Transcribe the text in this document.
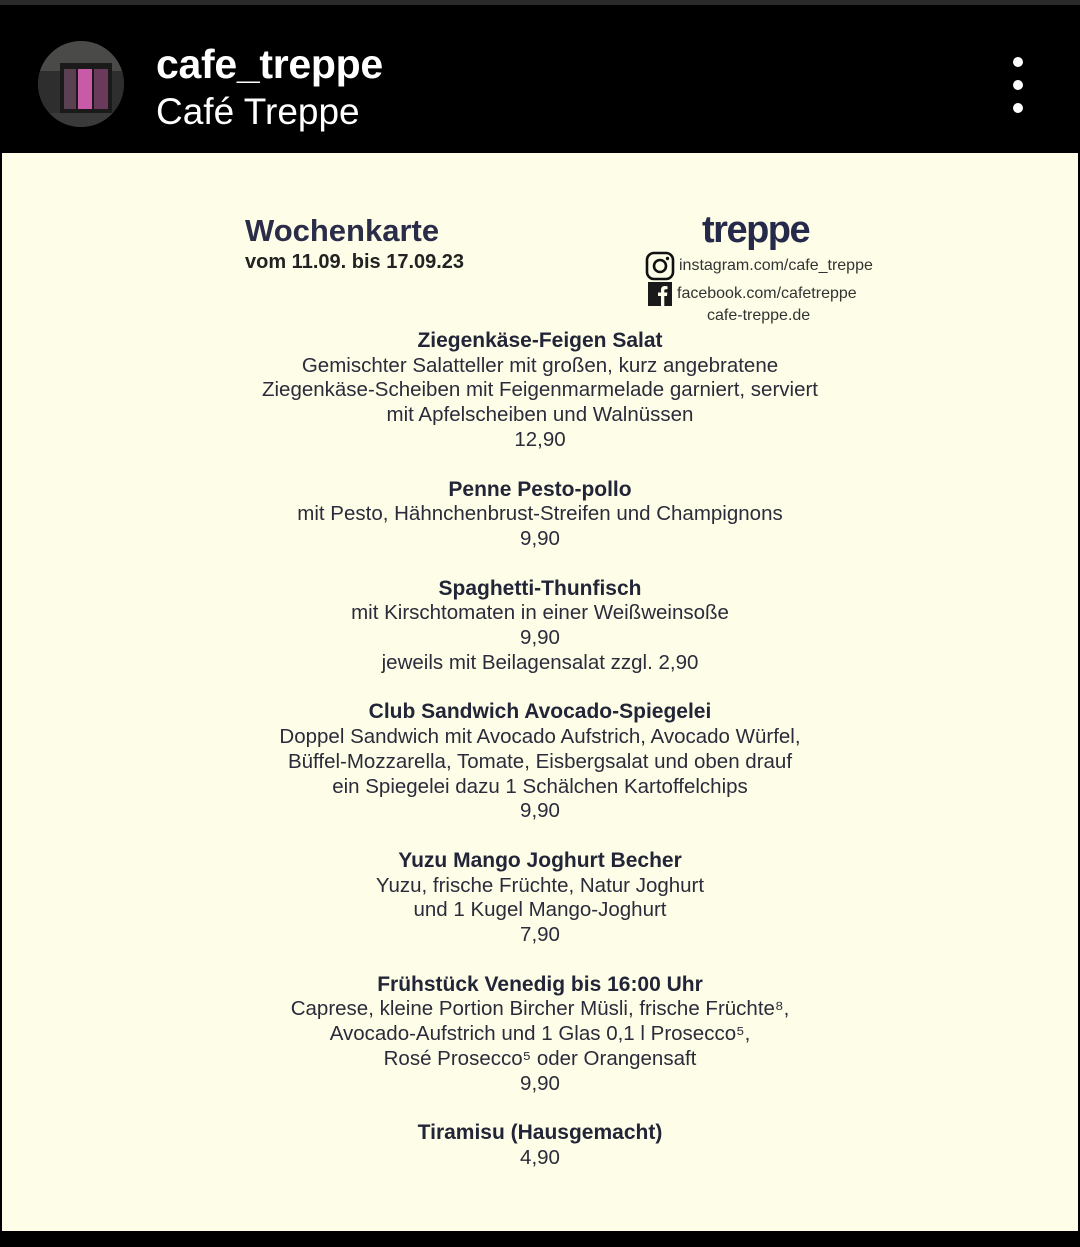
cafe_treppe
Café Treppe
Wochenkarte
vom 11.09. bis 17.09.23
treppe
instagram.com/cafe_treppe
facebook.com/cafetreppe
cafe-treppe.de
Ziegenkäse-Feigen Salat
Gemischter Salatteller mit großen, kurz angebratene
Ziegenkäse-Scheiben mit Feigenmarmelade garniert, serviert
mit Apfelscheiben und Walnüssen
12,90
Penne Pesto-pollo
mit Pesto, Hähnchenbrust-Streifen und Champignons
9,90
Spaghetti-Thunfisch
mit Kirschtomaten in einer Weißweinsoße
9,90
jeweils mit Beilagensalat zzgl. 2,90
Club Sandwich Avocado-Spiegelei
Doppel Sandwich mit Avocado Aufstrich, Avocado Würfel,
Büffel-Mozzarella, Tomate, Eisbergsalat und oben drauf
ein Spiegelei dazu 1 Schälchen Kartoffelchips
9,90
Yuzu Mango Joghurt Becher
Yuzu, frische Früchte, Natur Joghurt
und 1 Kugel Mango-Joghurt
7,90
Frühstück Venedig bis 16:00 Uhr
Caprese, kleine Portion Bircher Müsli, frische Früchte⁸,
Avocado-Aufstrich und 1 Glas 0,1 l Prosecco⁵,
Rosé Prosecco⁵ oder Orangensaft
9,90
Tiramisu (Hausgemacht)
4,90
